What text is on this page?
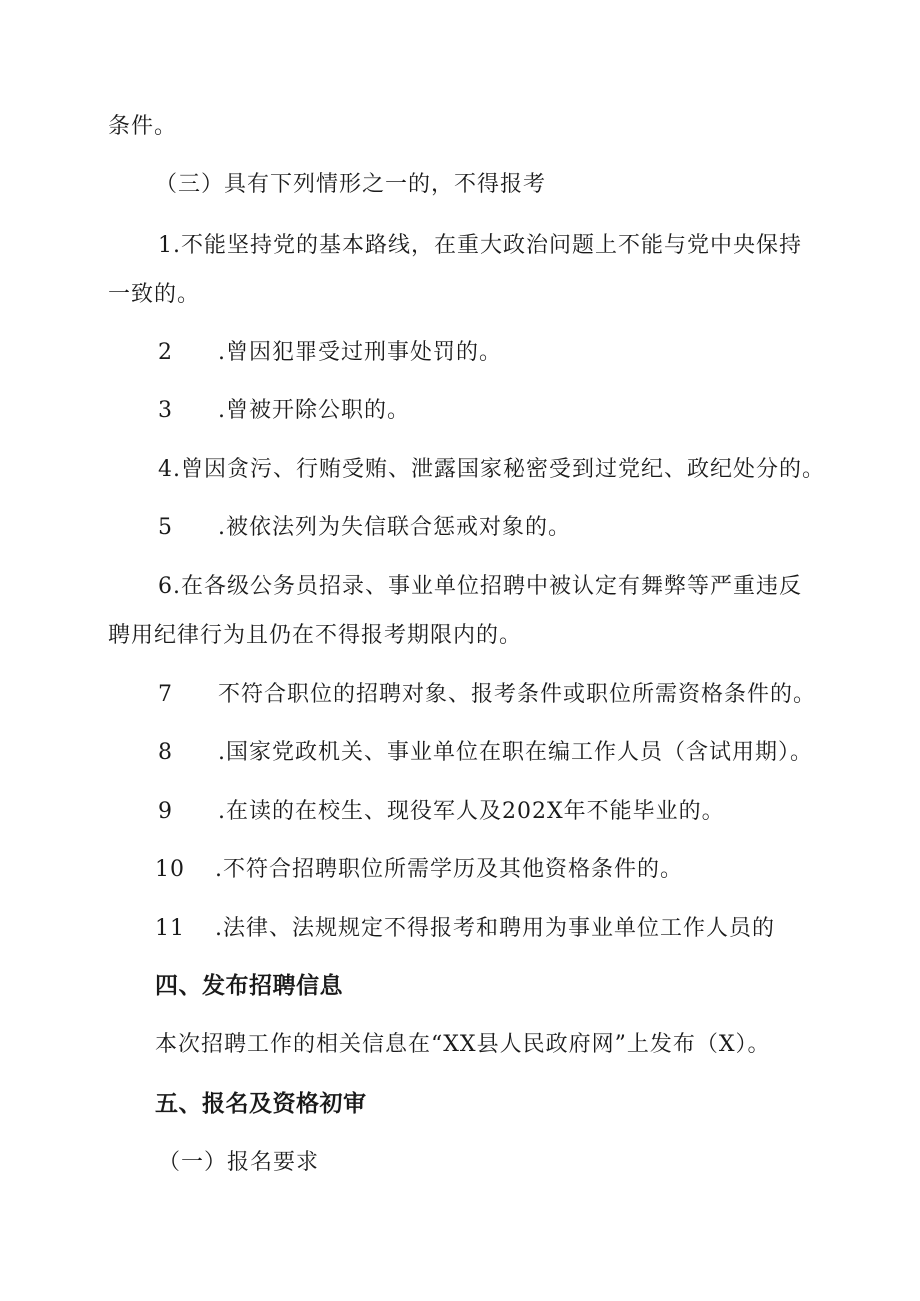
条件。
（三）具有下列情形之一的，不得报考
1.不能坚持党的基本路线，在重大政治问题上不能与党中央保持
一致的。
2 .曾因犯罪受过刑事处罚的。
3 .曾被开除公职的。
4.曾因贪污、行贿受贿、泄露国家秘密受到过党纪、政纪处分的。
5 .被依法列为失信联合惩戒对象的。
6.在各级公务员招录、事业单位招聘中被认定有舞弊等严重违反
聘用纪律行为且仍在不得报考期限内的。
7 不符合职位的招聘对象、报考条件或职位所需资格条件的。
8 .国家党政机关、事业单位在职在编工作人员（含试用期）。
9 .在读的在校生、现役军人及202X年不能毕业的。
10 .不符合招聘职位所需学历及其他资格条件的。
11 .法律、法规规定不得报考和聘用为事业单位工作人员的
四、发布招聘信息
本次招聘工作的相关信息在“XX县人民政府网”上发布（X）。
五、报名及资格初审
（一）报名要求
